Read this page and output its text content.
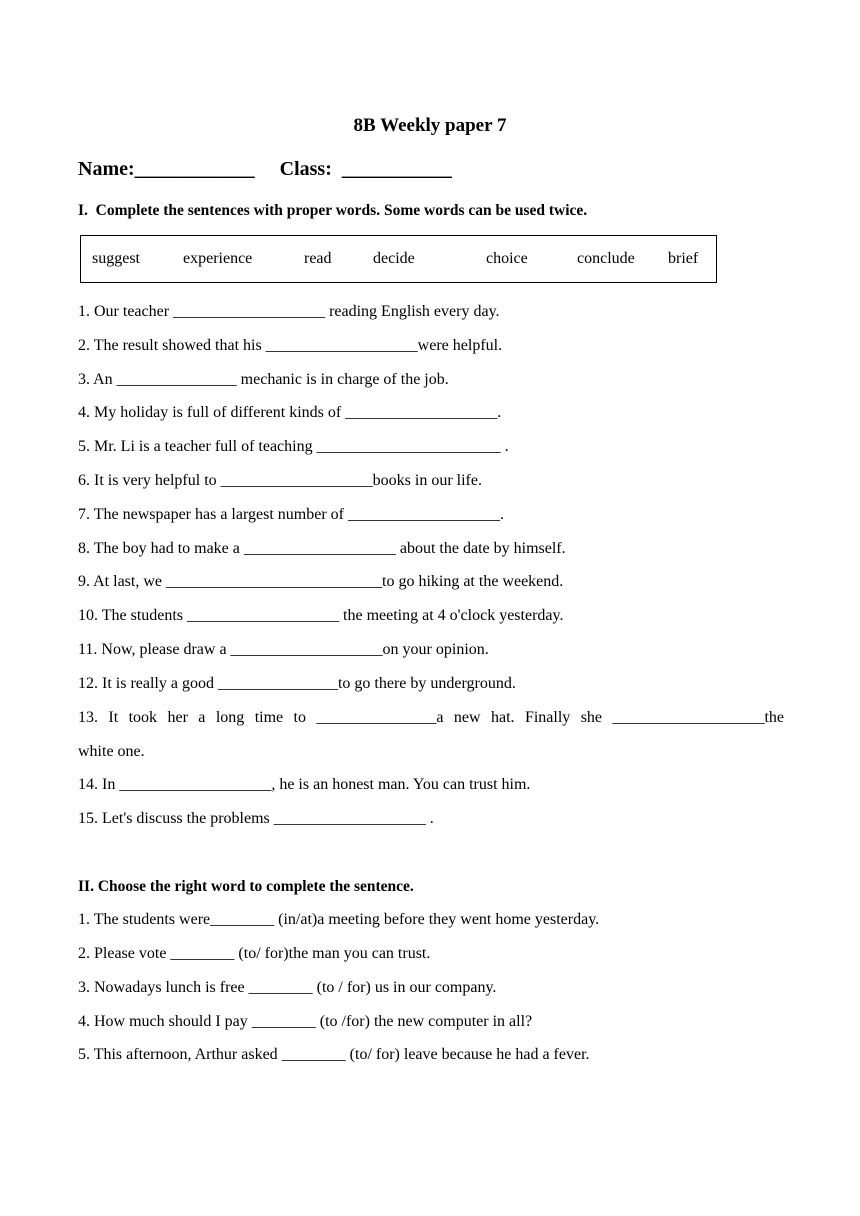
8B Weekly paper 7
Name:____________     Class:  ___________
I.  Complete the sentences with proper words. Some words can be used twice.
suggest	experience	read	decide	choice	conclude brief
1. Our teacher ___________________ reading English every day.
2. The result showed that his ___________________were helpful.
3. An _______________ mechanic is in charge of the job.
4. My holiday is full of different kinds of ___________________.
5. Mr. Li is a teacher full of teaching _______________________ .
6. It is very helpful to ___________________books in our life.
7. The newspaper has a largest number of ___________________.
8. The boy had to make a ___________________ about the date by himself.
9. At last, we ___________________________to go hiking at the weekend.
10. The students ___________________ the meeting at 4 o'clock yesterday.
11. Now, please draw a ___________________on your opinion.
12. It is really a good _______________to go there by underground.
13. It took her a long time to _______________a new hat. Finally she ___________________the
white one.
14. In ___________________, he is an honest man. You can trust him.
15. Let's discuss the problems ___________________ .
II. Choose the right word to complete the sentence.
1. The students were________ (in/at)a meeting before they went home yesterday.
2. Please vote ________ (to/ for)the man you can trust.
3. Nowadays lunch is free ________ (to / for) us in our company.
4. How much should I pay ________ (to /for) the new computer in all?
5. This afternoon, Arthur asked ________ (to/ for) leave because he had a fever.
